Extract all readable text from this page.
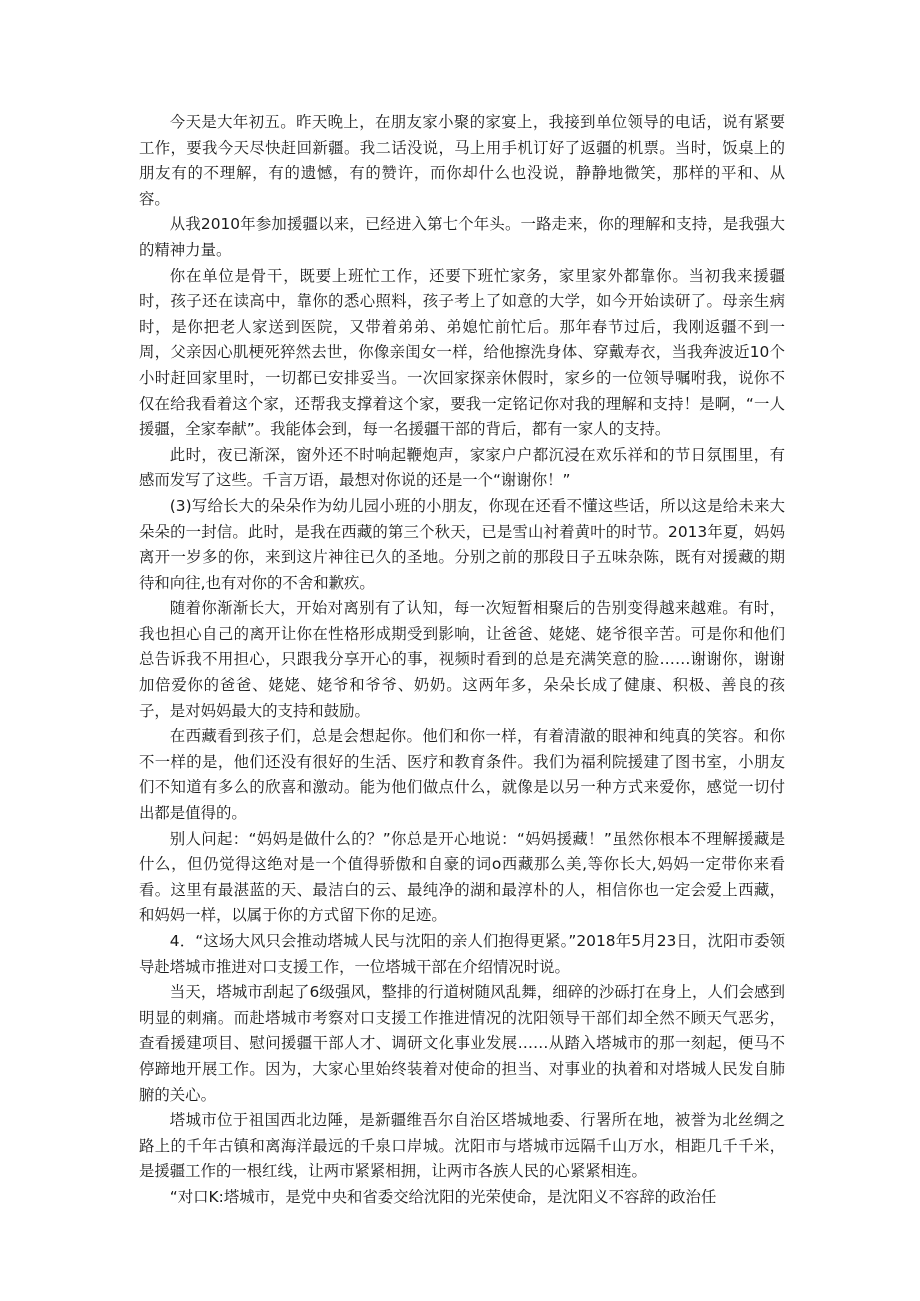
今天是大年初五。昨天晚上，在朋友家小聚的家宴上，我接到单位领导的电话，说有紧要工作，要我今天尽快赶回新疆。我二话没说，马上用手机订好了返疆的机票。当时，饭桌上的朋友有的不理解，有的遗憾，有的赞许，而你却什么也没说，静静地微笑，那样的平和、从容。

从我2010年参加援疆以来，已经进入第七个年头。一路走来，你的理解和支持，是我强大的精神力量。

你在单位是骨干，既要上班忙工作，还要下班忙家务，家里家外都靠你。当初我来援疆时，孩子还在读高中，靠你的悉心照料，孩子考上了如意的大学，如今开始读研了。母亲生病时，是你把老人家送到医院，又带着弟弟、弟媳忙前忙后。那年春节过后，我刚返疆不到一周，父亲因心肌梗死猝然去世，你像亲闺女一样，给他擦洗身体、穿戴寿衣，当我奔波近10个小时赶回家里时，一切都已安排妥当。一次回家探亲休假时，家乡的一位领导嘱咐我，说你不仅在给我看着这个家，还帮我支撑着这个家，要我一定铭记你对我的理解和支持！是啊，“一人援疆，全家奉献”。我能体会到，每一名援疆干部的背后，都有一家人的支持。

此时，夜已渐深，窗外还不时响起鞭炮声，家家户户都沉浸在欢乐祥和的节日氛围里，有感而发写了这些。千言万语，最想对你说的还是一个“谢谢你！”

(3)写给长大的朵朵作为幼儿园小班的小朋友，你现在还看不懂这些话，所以这是给未来大朵朵的一封信。此时，是我在西藏的第三个秋天，已是雪山衬着黄叶的时节。2013年夏，妈妈离开一岁多的你，来到这片神往已久的圣地。分别之前的那段日子五味杂陈，既有对援藏的期待和向往,也有对你的不舍和歉疚。

随着你渐渐长大，开始对离别有了认知，每一次短暂相聚后的告别变得越来越难。有时，我也担心自己的离开让你在性格形成期受到影响，让爸爸、姥姥、姥爷很辛苦。可是你和他们总告诉我不用担心，只跟我分享开心的事，视频时看到的总是充满笑意的脸……谢谢你，谢谢加倍爱你的爸爸、姥姥、姥爷和爷爷、奶奶。这两年多，朵朵长成了健康、积极、善良的孩子，是对妈妈最大的支持和鼓励。

在西藏看到孩子们，总是会想起你。他们和你一样，有着清澈的眼神和纯真的笑容。和你不一样的是，他们还没有很好的生活、医疗和教育条件。我们为福利院援建了图书室，小朋友们不知道有多么的欣喜和激动。能为他们做点什么，就像是以另一种方式来爱你，感觉一切付出都是值得的。

别人问起：“妈妈是做什么的？”你总是开心地说：“妈妈援藏！”虽然你根本不理解援藏是什么，但仍觉得这绝对是一个值得骄傲和自豪的词o西藏那么美,等你长大,妈妈一定带你来看看。这里有最湛蓝的天、最洁白的云、最纯净的湖和最淳朴的人，相信你也一定会爱上西藏，和妈妈一样，以属于你的方式留下你的足迹。

4．“这场大风只会推动塔城人民与沈阳的亲人们抱得更紧。”2018年5月23日，沈阳市委领导赴塔城市推进对口支援工作，一位塔城干部在介绍情况时说。

当天，塔城市刮起了6级强风，整排的行道树随风乱舞，细碎的沙砾打在身上，人们会感到明显的刺痛。而赴塔城市考察对口支援工作推进情况的沈阳领导干部们却全然不顾天气恶劣，查看援建项目、慰问援疆干部人才、调研文化事业发展……从踏入塔城市的那一刻起，便马不停蹄地开展工作。因为，大家心里始终装着对使命的担当、对事业的执着和对塔城人民发自肺腑的关心。

塔城市位于祖国西北边陲，是新疆维吾尔自治区塔城地委、行署所在地，被誉为北丝绸之路上的千年古镇和离海洋最远的千泉口岸城。沈阳市与塔城市远隔千山万水，相距几千千米，是援疆工作的一根红线，让两市紧紧相拥，让两市各族人民的心紧紧相连。

“对口K:塔城市，是党中央和省委交给沈阳的光荣使命，是沈阳义不容辞的政治任
